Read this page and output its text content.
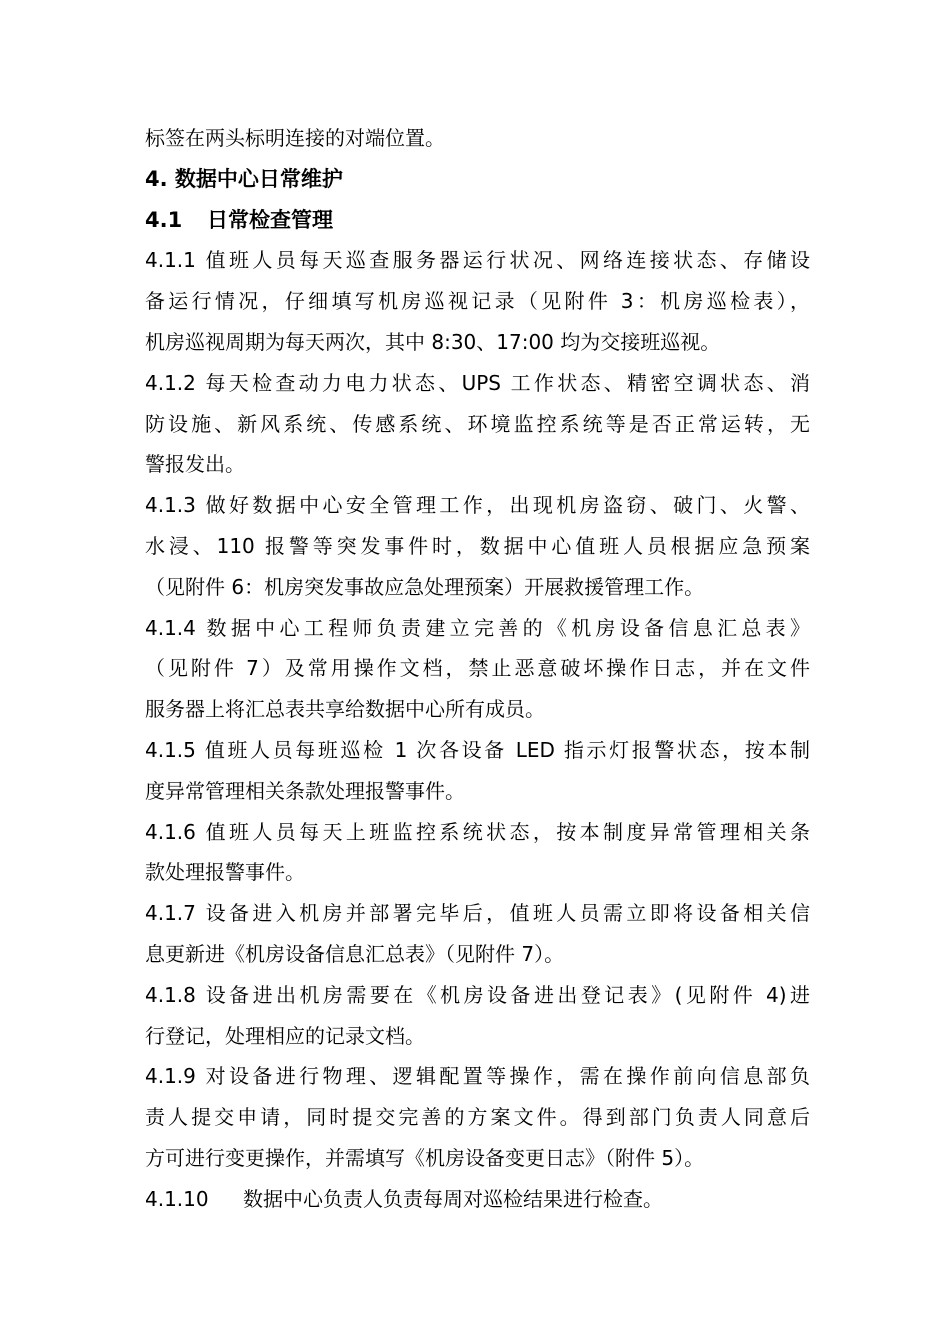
标签在两头标明连接的对端位置。
4. 数据中心日常维护
4.1 日常检查管理
4.1.1 值班人员每天巡查服务器运行状况、网络连接状态、存储设
备运行情况，仔细填写机房巡视记录（见附件 3：机房巡检表），
机房巡视周期为每天两次，其中 8:30、17:00 均为交接班巡视。
4.1.2 每天检查动力电力状态、UPS 工作状态、精密空调状态、消
防设施、新风系统、传感系统、环境监控系统等是否正常运转，无
警报发出。
4.1.3 做好数据中心安全管理工作，出现机房盗窃、破门、火警、
水浸、110 报警等突发事件时，数据中心值班人员根据应急预案
（见附件 6：机房突发事故应急处理预案）开展救援管理工作。
4.1.4 数据中心工程师负责建立完善的《机房设备信息汇总表》
（见附件 7）及常用操作文档，禁止恶意破坏操作日志，并在文件
服务器上将汇总表共享给数据中心所有成员。
4.1.5 值班人员每班巡检 1 次各设备 LED 指示灯报警状态，按本制
度异常管理相关条款处理报警事件。
4.1.6 值班人员每天上班监控系统状态，按本制度异常管理相关条
款处理报警事件。
4.1.7 设备进入机房并部署完毕后，值班人员需立即将设备相关信
息更新进《机房设备信息汇总表》（见附件 7）。
4.1.8 设备进出机房需要在《机房设备进出登记表》(见附件 4)进
行登记，处理相应的记录文档。
4.1.9 对设备进行物理、逻辑配置等操作，需在操作前向信息部负
责人提交申请，同时提交完善的方案文件。得到部门负责人同意后
方可进行变更操作，并需填写《机房设备变更日志》（附件 5）。
4.1.10 数据中心负责人负责每周对巡检结果进行检查。
